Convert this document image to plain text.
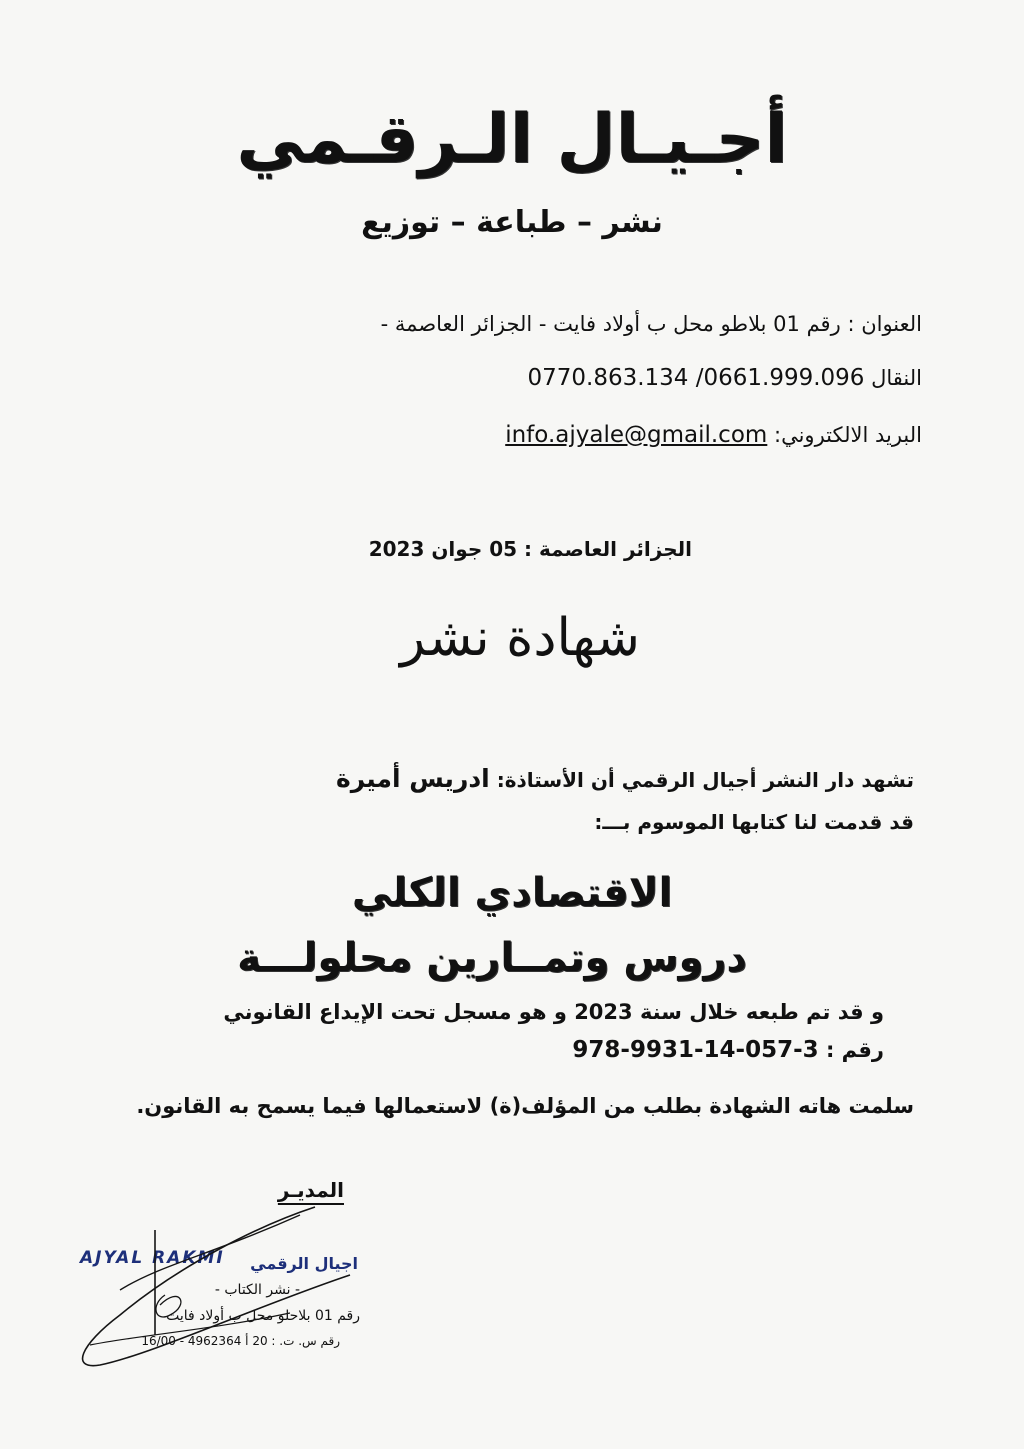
أجـيـال الـرقـمي
نشر – طباعة – توزيع
العنوان : رقم 01 بلاطو محل ب أولاد فايت - الجزائر العاصمة -
النقال 0770.863.134 /0661.999.096
البريد الالكتروني: info.ajyale@gmail.com
الجزائر العاصمة : 05 جوان 2023
شهادة نشر
تشهد دار النشر أجيال الرقمي أن الأستاذة: ادريس أميرة
قد قدمت لنا كتابها الموسوم بـــ:
الاقتصادي الكلي
دروس وتمــارين محلولـــة
و قد تم طبعه خلال سنة 2023 و هو مسجل تحت الإيداع القانوني
رقم : 978-9931-14-057-3
سلمت هاته الشهادة بطلب من المؤلف(ة) لاستعمالها فيما يسمح به القانون.
المديـر
AJYAL RAKMI اجيال الرقمي
- نشر الكتاب -
رقم 01 بلاحلو محل ب أولاد فايت
رقم س. ت. : 20 أ 4962364 - 16/00
